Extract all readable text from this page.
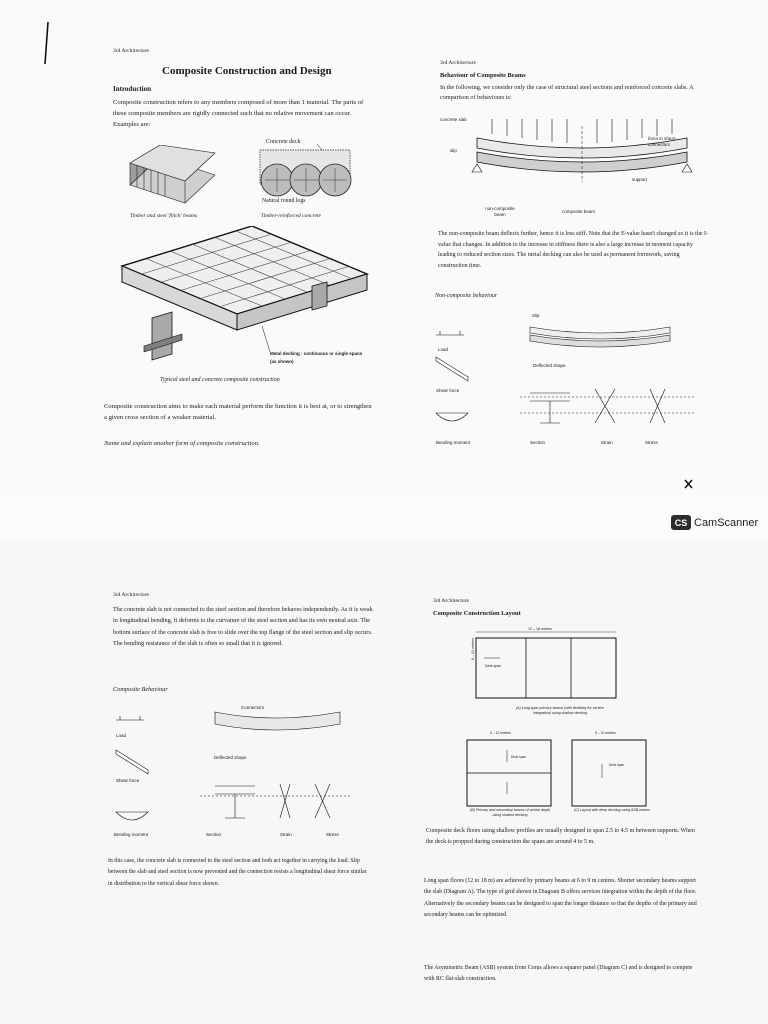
3rd Architecture
Composite Construction and Design
Introduction
Composite construction refers to any members composed of more than 1 material. The parts of these composite members are rigidly connected such that no relative movement can occur. Examples are:
Timber and steel 'flitch' beams
Concrete deck
Natural round logs
Timber-reinforced concrete
Metal decking : continuous or single spans (as shown)
Typical steel and concrete composite construction
Composite construction aims to make each material perform the function it is best at, or to strengthen a given cross section of a weaker material.
Name and explain another form of composite construction.
3rd Architecture
Behaviour of Composite Beams
In the following, we consider only the case of structural steel sections and reinforced concrete slabs. A comparison of behaviours is:
concrete slab
slip
force in shear-connectors
support
non-composite beam
composite beam
The non-composite beam deflects further, hence it is less stiff. Note that the E-value hasn't changed so it is the I-value that changes. In addition to the increase in stiffness there is also a large increase in moment capacity leading to reduced section sizes. The metal decking can also be used as permanent formwork, saving construction time.
Non-composite behaviour
Slip
Load
Deflected shape
Shear force
Bending moment	Section	Strain	Stress
CS CamScanner
3rd Architecture
The concrete slab is not connected to the steel section and therefore behaves independently. As it is weak in longitudinal bending, it deforms to the curvature of the steel section and has its own neutral axis. The bottom surface of the concrete slab is free to slide over the top flange of the steel section and slip occurs. The bending resistance of the slab is often so small that it is ignored.
Composite Behaviour
Connectors
Load
Deflected shape
Shear force
Bending moment	Section	Strain	Stress
In this case, the concrete slab is connected to the steel section and both act together in carrying the load. Slip between the slab and steel section is now prevented and the connection resists a longitudinal shear force similar in distribution to the vertical shear force shown.
3rd Architecture
Composite Construction Layout
12 – 18 metres
6 – 12 metres
Deck span
(A) Long span primary beams (with flexibility for service integration) using shallow decking
6 – 12 metres	5 – 10 metres
Deck span
Deck span
(B) Primary and secondary beams of similar depth using shallow decking
(C) Layout with deep decking using ASB beams
Composite deck floors using shallow profiles are usually designed to span 2.5 to 4.5 m between supports. When the deck is propped during construction the spans are around 4 to 5 m.
Long span floors (12 to 18 m) are achieved by primary beams at 6 to 9 m centres. Shorter secondary beams support the slab (Diagram A). The type of grid shown in Diagram B offers services integration within the depth of the floor. Alternatively the secondary beams can be designed to span the longer distance so that the depths of the primary and secondary beams can be optimized.
The Asymmetric Beam (ASB) system from Corus allows a squarer panel (Diagram C) and is designed to compete with RC flat-slab construction.
